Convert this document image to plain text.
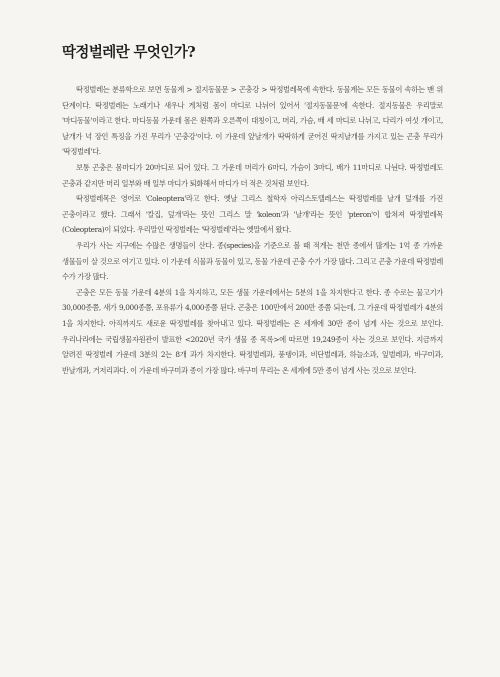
딱정벌레란 무엇인가?

딱정벌레는 분류학으로 보면 동물계 > 절지동물문 > 곤충강 > 딱정벌레목에 속한다. 동물계는 모든 동물이 속하는 맨 위 단계이다. 딱정벌레는 노래기나 새우나 게처럼 몸이 마디로 나뉘어 있어서 '절지동물문'에 속한다. 절지동물은 우리말로 '마디동물'이라고 한다. 마디동물 가운데 몸은 왼쪽과 오른쪽이 대칭이고, 머리, 가슴, 배 세 마디로 나뉘고, 다리가 여섯 개이고, 날개가 넉 장인 특징을 가진 무리가 '곤충강'이다. 이 가운데 앞날개가 딱딱하게 굳어진 딱지날개를 가지고 있는 곤충 무리가 '딱정벌레'다.

보통 곤충은 몸마디가 20마디로 되어 있다. 그 가운데 머리가 6마디, 가슴이 3마디, 배가 11마디로 나뉜다. 딱정벌레도 곤충과 같지만 머리 일부와 배 일부 마디가 퇴화해서 마디가 더 적은 것처럼 보인다.

딱정벌레목은 영어로 'Coleoptera'라고 한다. 옛날 그리스 철학자 아리스토텔레스는 딱정벌레를 날개 덮개를 가진 곤충이라고 했다. 그래서 '칼집, 덮개'라는 뜻인 그리스 말 'koleon'과 '날개'라는 뜻인 'pteron'이 합쳐져 딱정벌레목(Coleoptera)이 되었다. 우리말인 딱정벌레는 '딱정벌레'라는 옛말에서 왔다.

우리가 사는 지구에는 수많은 생명들이 산다. 종(species)을 기준으로 볼 때 적게는 천만 종에서 많게는 1억 종 가까운 생물들이 살 것으로 여기고 있다. 이 가운데 식물과 동물이 있고, 동물 가운데 곤충 수가 가장 많다. 그리고 곤충 가운데 딱정벌레 수가 가장 많다.

곤충은 모든 동물 가운데 4분의 1을 차지하고, 모든 생물 가운데에서는 5분의 1을 차지한다고 한다. 종 수로는 물고기가 30,000종쯤, 새가 9,000종쯤, 포유류가 4,000종쯤 된다. 곤충은 100만에서 200만 종쯤 되는데, 그 가운데 딱정벌레가 4분의 1을 차지한다. 아직까지도 새로운 딱정벌레를 찾아내고 있다. 딱정벌레는 온 세계에 30만 종이 넘게 사는 것으로 보인다. 우리나라에는 국립생물자원관이 발표한 <2020년 국가 생물 종 목록>에 따르면 19,249종이 사는 것으로 보인다. 지금까지 알려진 딱정벌레 가운데 3분의 2는 8개 과가 차지한다. 딱정벌레과, 풍뎅이과, 비단벌레과, 하늘소과, 잎벌레과, 바구미과, 반날개과, 거저리과다. 이 가운데 바구미과 종이 가장 많다. 바구미 무리는 온 세계에 5만 종이 넘게 사는 것으로 보인다.
